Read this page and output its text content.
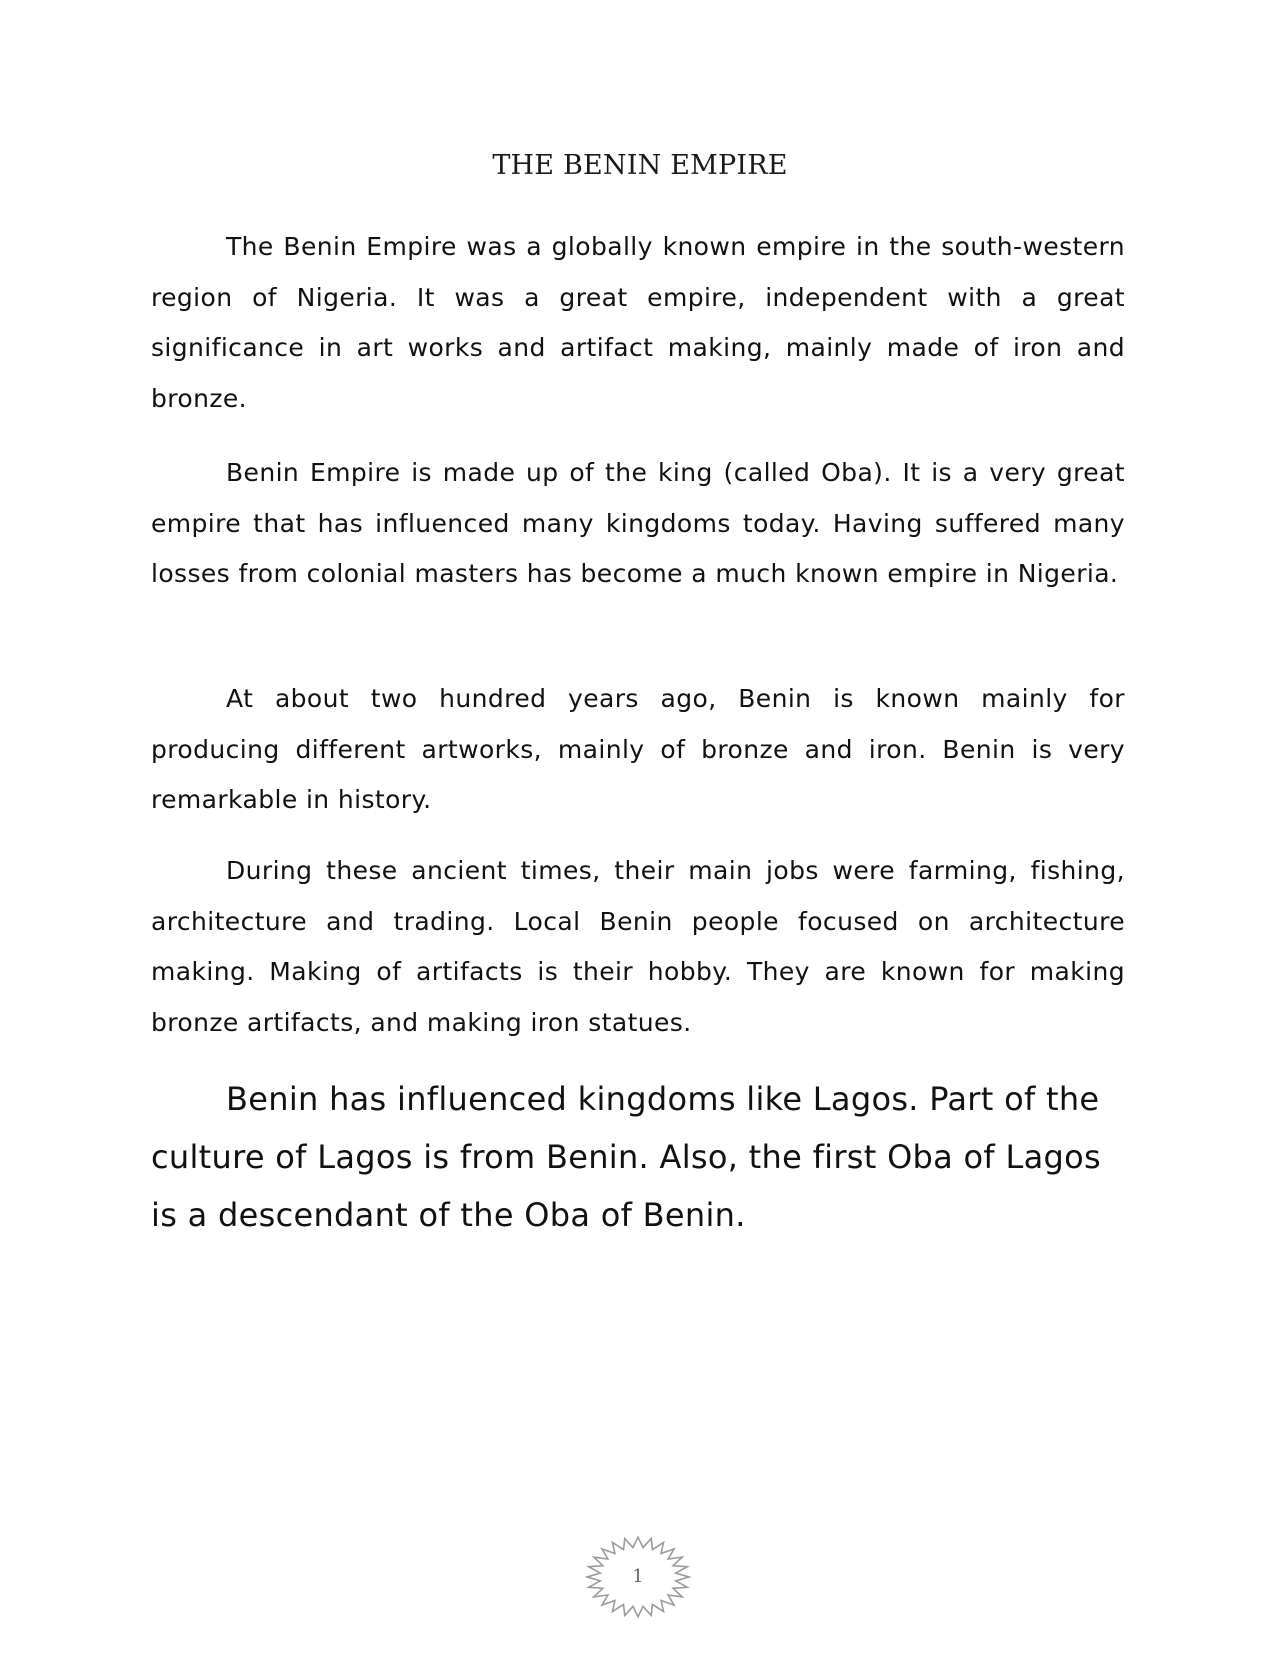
THE BENIN EMPIRE

The Benin Empire was a globally known empire in the south-western region of Nigeria. It was a great empire, independent with a great significance in art works and artifact making, mainly made of iron and bronze.

Benin Empire is made up of the king (called Oba). It is a very great empire that has influenced many kingdoms today. Having suffered many losses from colonial masters has become a much known empire in Nigeria.

At about two hundred years ago, Benin is known mainly for producing different artworks, mainly of bronze and iron. Benin is very remarkable in history.

During these ancient times, their main jobs were farming, fishing, architecture and trading. Local Benin people focused on architecture making. Making of artifacts is their hobby. They are known for making bronze artifacts, and making iron statues.

Benin has influenced kingdoms like Lagos. Part of the culture of Lagos is from Benin. Also, the first Oba of Lagos is a descendant of the Oba of Benin.

1
